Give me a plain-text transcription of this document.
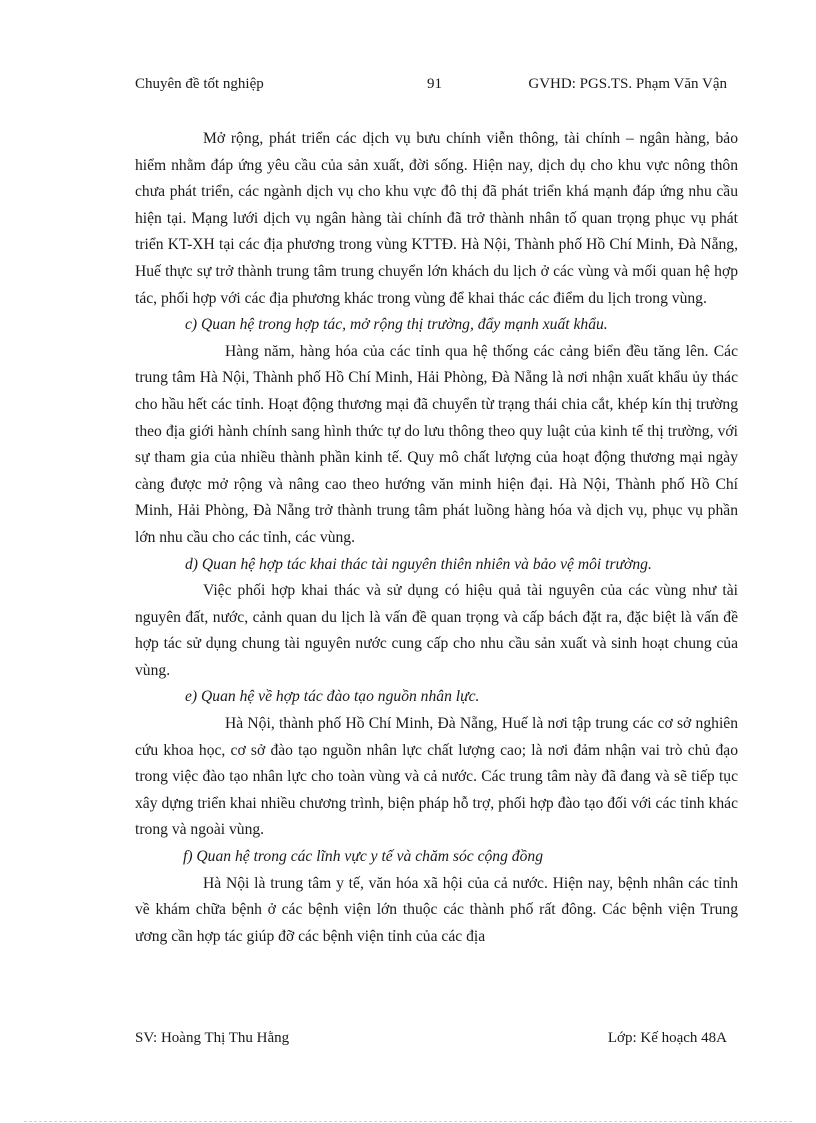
Chuyên đề tốt nghiệp	91	GVHD: PGS.TS. Phạm Văn Vận

Mở rộng, phát triển các dịch vụ bưu chính viễn thông, tài chính – ngân hàng, bảo hiểm nhằm đáp ứng yêu cầu của sản xuất, đời sống. Hiện nay, dịch dụ cho khu vực nông thôn chưa phát triển, các ngành dịch vụ cho khu vực đô thị đã phát triển khá mạnh đáp ứng nhu cầu hiện tại. Mạng lưới dịch vụ ngân hàng tài chính đã trở thành nhân tố quan trọng phục vụ phát triển KT-XH tại các địa phương trong vùng KTTĐ. Hà Nội, Thành phố Hồ Chí Minh, Đà Nẵng, Huế thực sự trở thành trung tâm trung chuyển lớn khách du lịch ở các vùng và mối quan hệ hợp tác, phối hợp với các địa phương khác trong vùng để khai thác các điểm du lịch trong vùng.

c) Quan hệ trong hợp tác, mở rộng thị trường, đẩy mạnh xuất khẩu.

Hàng năm, hàng hóa của các tỉnh qua hệ thống các cảng biển đều tăng lên. Các trung tâm Hà Nội, Thành phố Hồ Chí Minh, Hải Phòng, Đà Nẵng là nơi nhận xuất khẩu ủy thác cho hầu hết các tỉnh. Hoạt động thương mại đã chuyển từ trạng thái chia cắt, khép kín thị trường theo địa giới hành chính sang hình thức tự do lưu thông theo quy luật của kinh tế thị trường, với sự tham gia của nhiều thành phần kinh tế. Quy mô chất lượng của hoạt động thương mại ngày càng được mở rộng và nâng cao theo hướng văn minh hiện đại. Hà Nội, Thành phố Hồ Chí Minh, Hải Phòng, Đà Nẵng trở thành trung tâm phát luồng hàng hóa và dịch vụ, phục vụ phần lớn nhu cầu cho các tỉnh, các vùng.

d) Quan hệ hợp tác khai thác tài nguyên thiên nhiên và bảo vệ môi trường.

Việc phối hợp khai thác và sử dụng có hiệu quả tài nguyên của các vùng như tài nguyên đất, nước, cảnh quan du lịch là vấn đề quan trọng và cấp bách đặt ra, đặc biệt là vấn đề hợp tác sử dụng chung tài nguyên nước cung cấp cho nhu cầu sản xuất và sinh hoạt chung của vùng.

e) Quan hệ về hợp tác đào tạo nguồn nhân lực.

Hà Nội, thành phố Hồ Chí Minh, Đà Nẵng, Huế là nơi tập trung các cơ sở nghiên cứu khoa học, cơ sở đào tạo nguồn nhân lực chất lượng cao; là nơi đảm nhận vai trò chủ đạo trong việc đào tạo nhân lực cho toàn vùng và cả nước. Các trung tâm này đã đang và sẽ tiếp tục xây dựng triển khai nhiều chương trình, biện pháp hỗ trợ, phối hợp đào tạo đối với các tỉnh khác trong và ngoài vùng.

f) Quan hệ trong các lĩnh vực y tế và chăm sóc cộng đồng

Hà Nội là trung tâm y tế, văn hóa xã hội của cả nước. Hiện nay, bệnh nhân các tỉnh về khám chữa bệnh ở các bệnh viện lớn thuộc các thành phố rất đông. Các bệnh viện Trung ương cần hợp tác giúp đỡ các bệnh viện tỉnh của các địa

SV: Hoàng Thị Thu Hằng	Lớp: Kế hoạch 48A
